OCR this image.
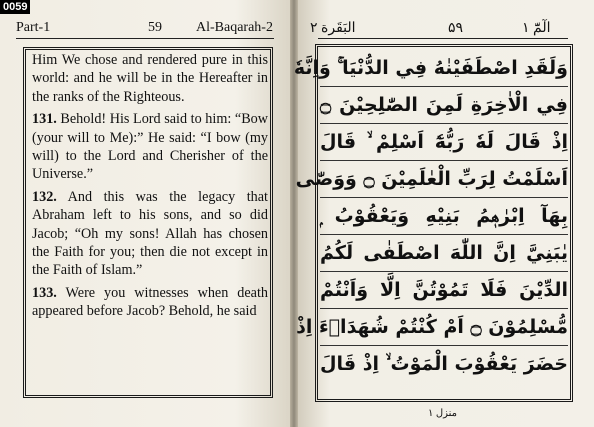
0059
Part-1	59 Al-Baqarah-2

Him We chose and rendered pure in this world: and he will be in the Hereafter in the ranks of the Righteous.

131. Behold! His Lord said to him: “Bow (your will to Me):” He said: “I bow (my will) to the Lord and Cherisher of the Universe.”

132. And this was the legacy that Abraham left to his sons, and so did Jacob; “Oh my sons! Allah has chosen the Faith for you; then die not except in the Faith of Islam.”

133. Were you witnesses when death appeared before Jacob? Behold, he said

البَقَرة ٢	۵۹	الٓمّٓ ۱
وَلَقَدِ اصْطَفَيْنٰهُ فِي الدُّنْيَا ۚ وَاِنَّهٗ
فِي الْاٰخِرَةِ لَمِنَ الصّٰلِحِيْنَ ۝
اِذْ قَالَ لَهٗ رَبُّهٗٓ اَسْلِمْ ۙ قَالَ
اَسْلَمْتُ لِرَبِّ الْعٰلَمِيْنَ ۝ وَوَصّٰى
بِهَآ اِبْرٰهٖمُ بَنِيْهِ وَيَعْقُوْبُ ۭ
يٰبَنِيَّ اِنَّ اللّٰهَ اصْطَفٰى لَكُمُ
الدِّيْنَ فَلَا تَمُوْتُنَّ اِلَّا وَاَنْتُمْ
مُّسْلِمُوْنَ ۝ اَمْ كُنْتُمْ شُهَدَاۗءَ اِذْ
حَضَرَ يَعْقُوْبَ الْمَوْتُ ۙ اِذْ قَالَ
منزل ۱
